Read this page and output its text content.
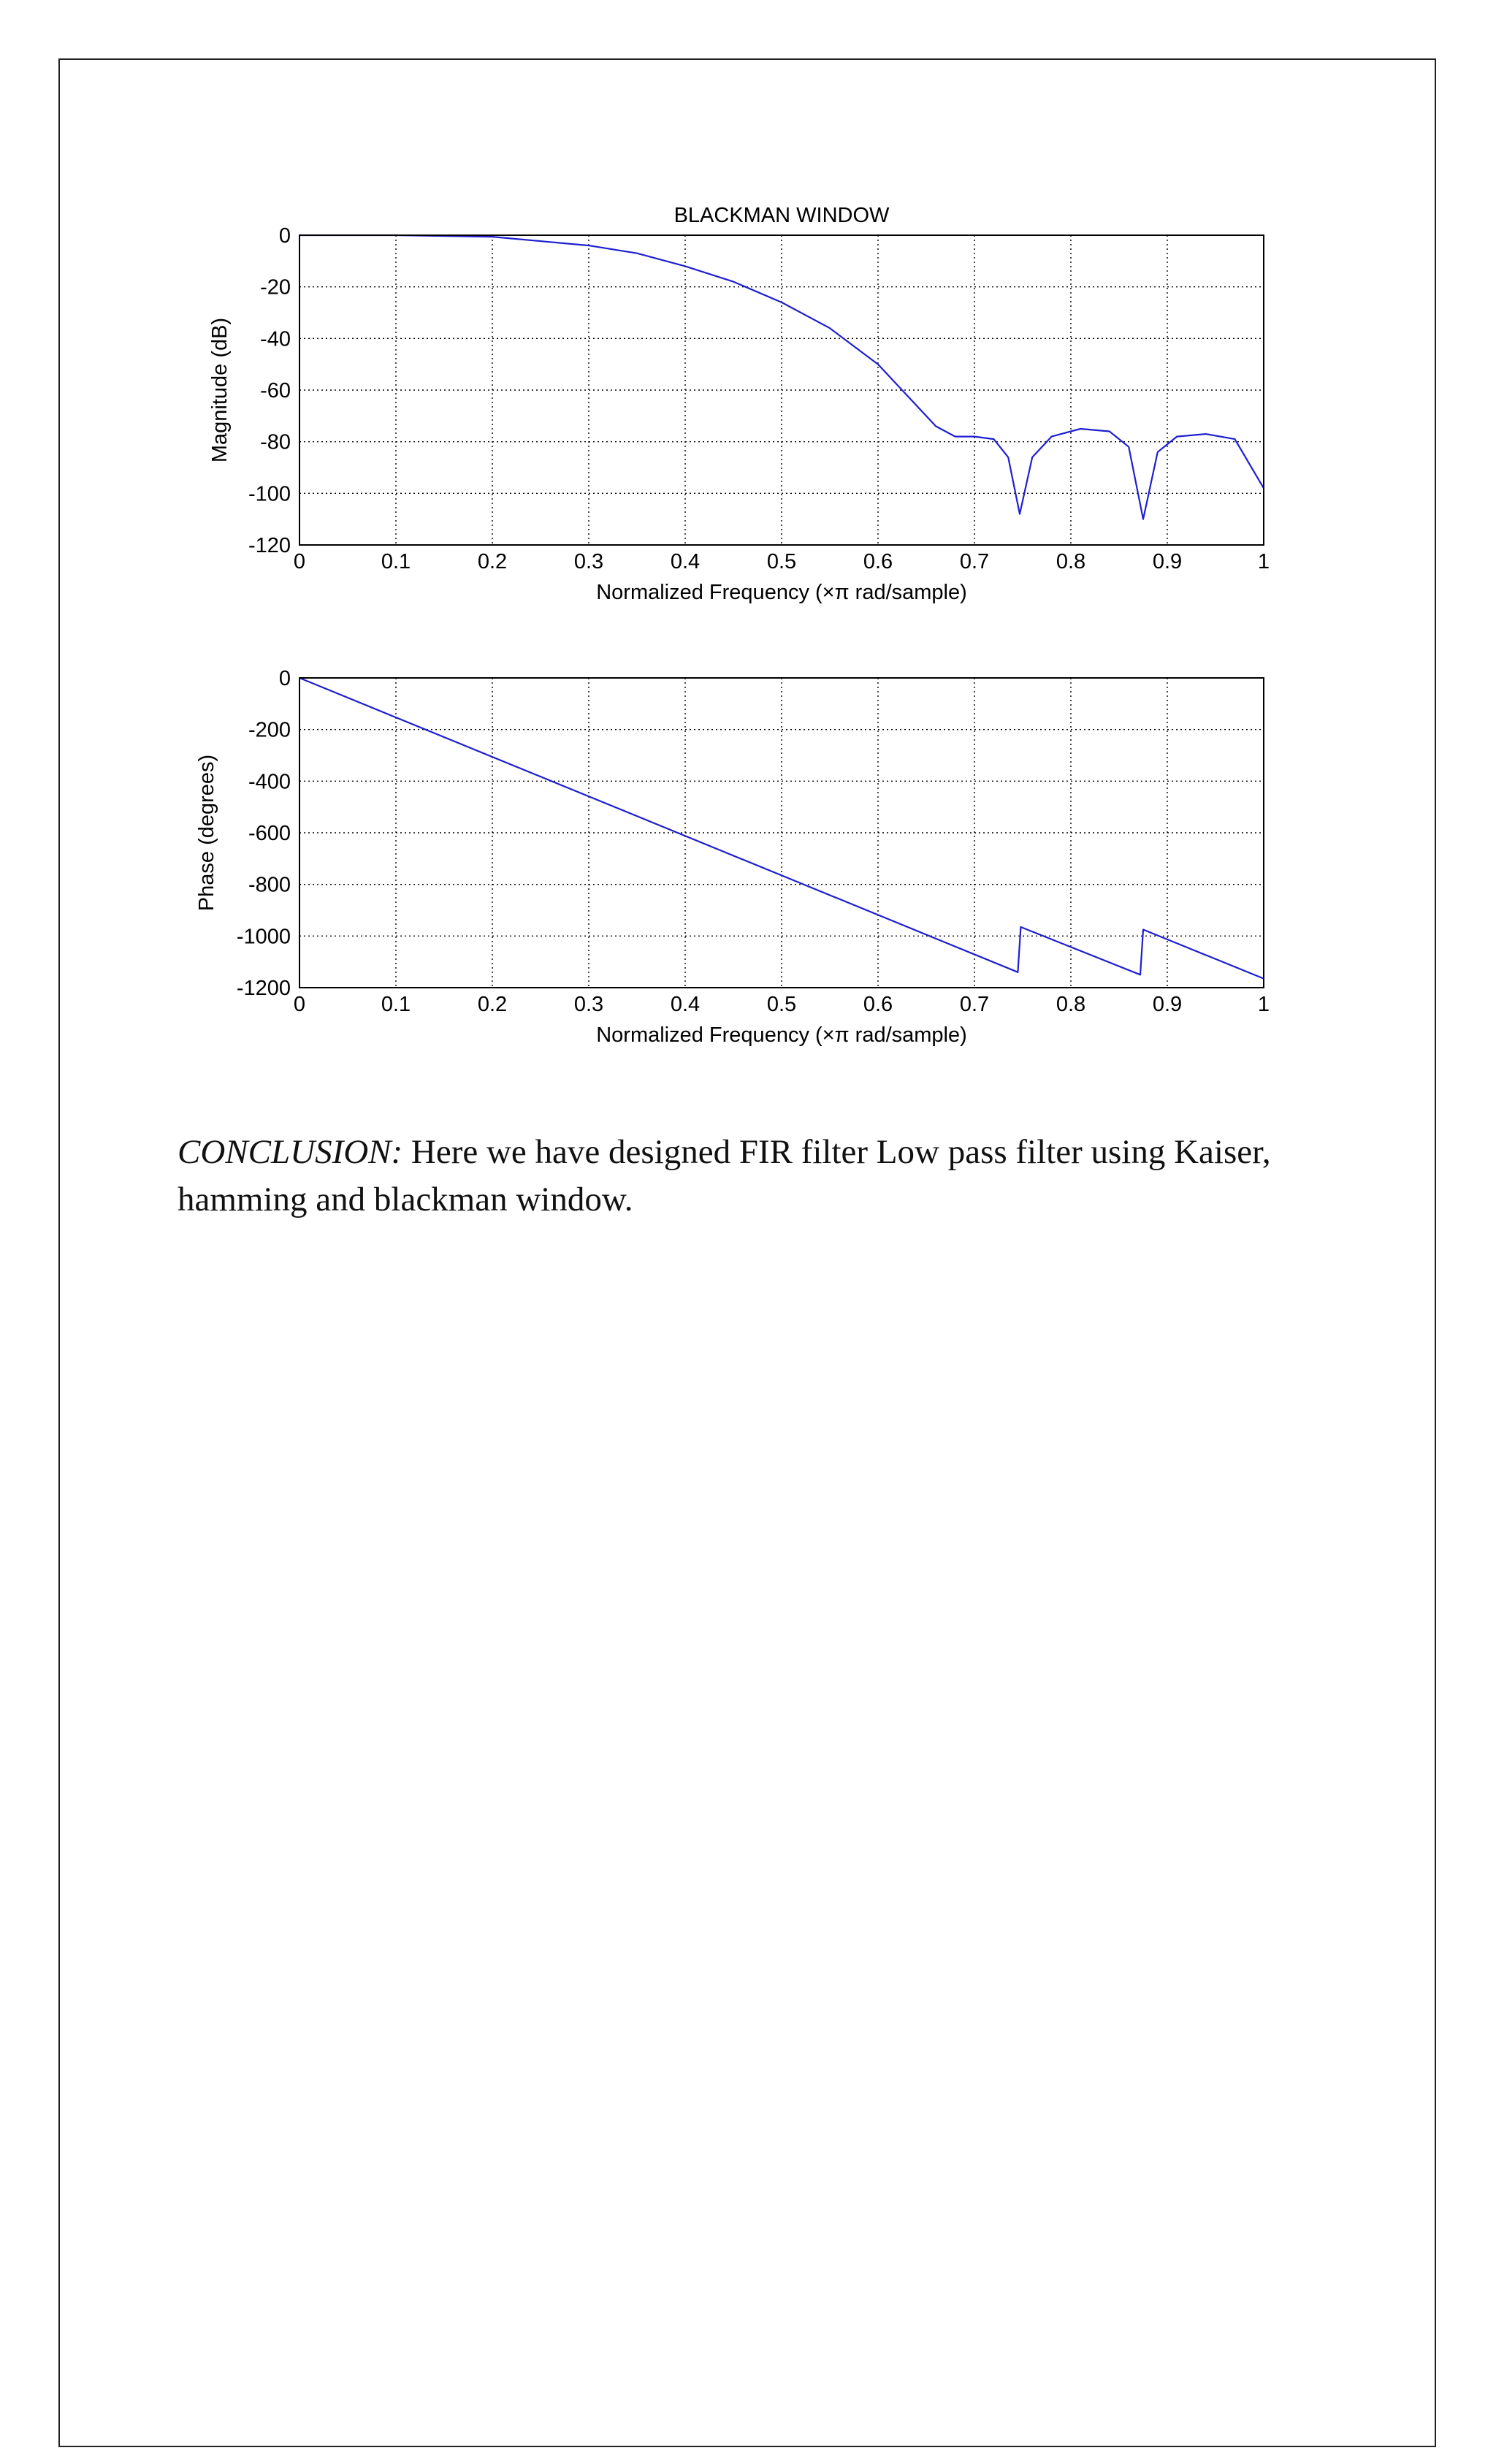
0	0.1	0.2	0.3	0.4	0.5	0.6	0.7	0.8	0.9	1
0
-20
-40
-60
-80
-100
-120
BLACKMAN WINDOW
Normalized Frequency (×π rad/sample)
Magnitude (dB)
0	0.1	0.2	0.3	0.4	0.5	0.6	0.7	0.8	0.9	1
0
-200
-400
-600
-800
-1000
-1200
Normalized Frequency (×π rad/sample)
Phase (degrees)
CONCLUSION: Here we have designed FIR filter Low pass filter using Kaiser, hamming and blackman window.
